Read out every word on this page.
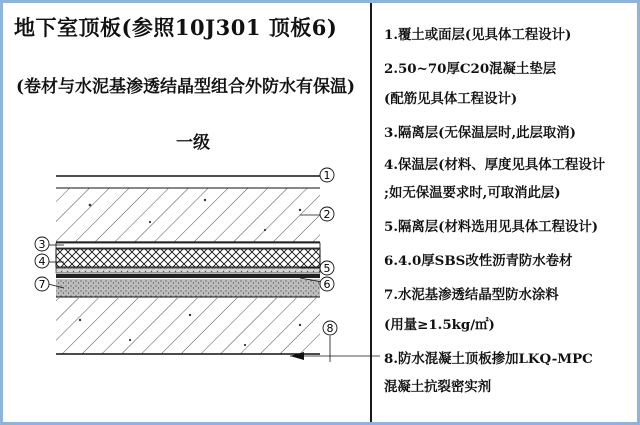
地下室顶板(参照10J301 顶板6)
(卷材与水泥基渗透结晶型组合外防水有保温)
一级
1
2
3
4
5
6
7
8
1.覆土或面层(见具体工程设计)
2.50~70厚C20混凝土垫层
(配筋见具体工程设计)
3.隔离层(无保温层时,此层取消)
4.保温层(材料、厚度见具体工程设计
;如无保温要求时,可取消此层)
5.隔离层(材料选用见具体工程设计)
6.4.0厚SBS改性沥青防水卷材
7.水泥基渗透结晶型防水涂料
(用量≥1.5kg/㎡)
8.防水混凝土顶板掺加LKQ-MPC
混凝土抗裂密实剂
